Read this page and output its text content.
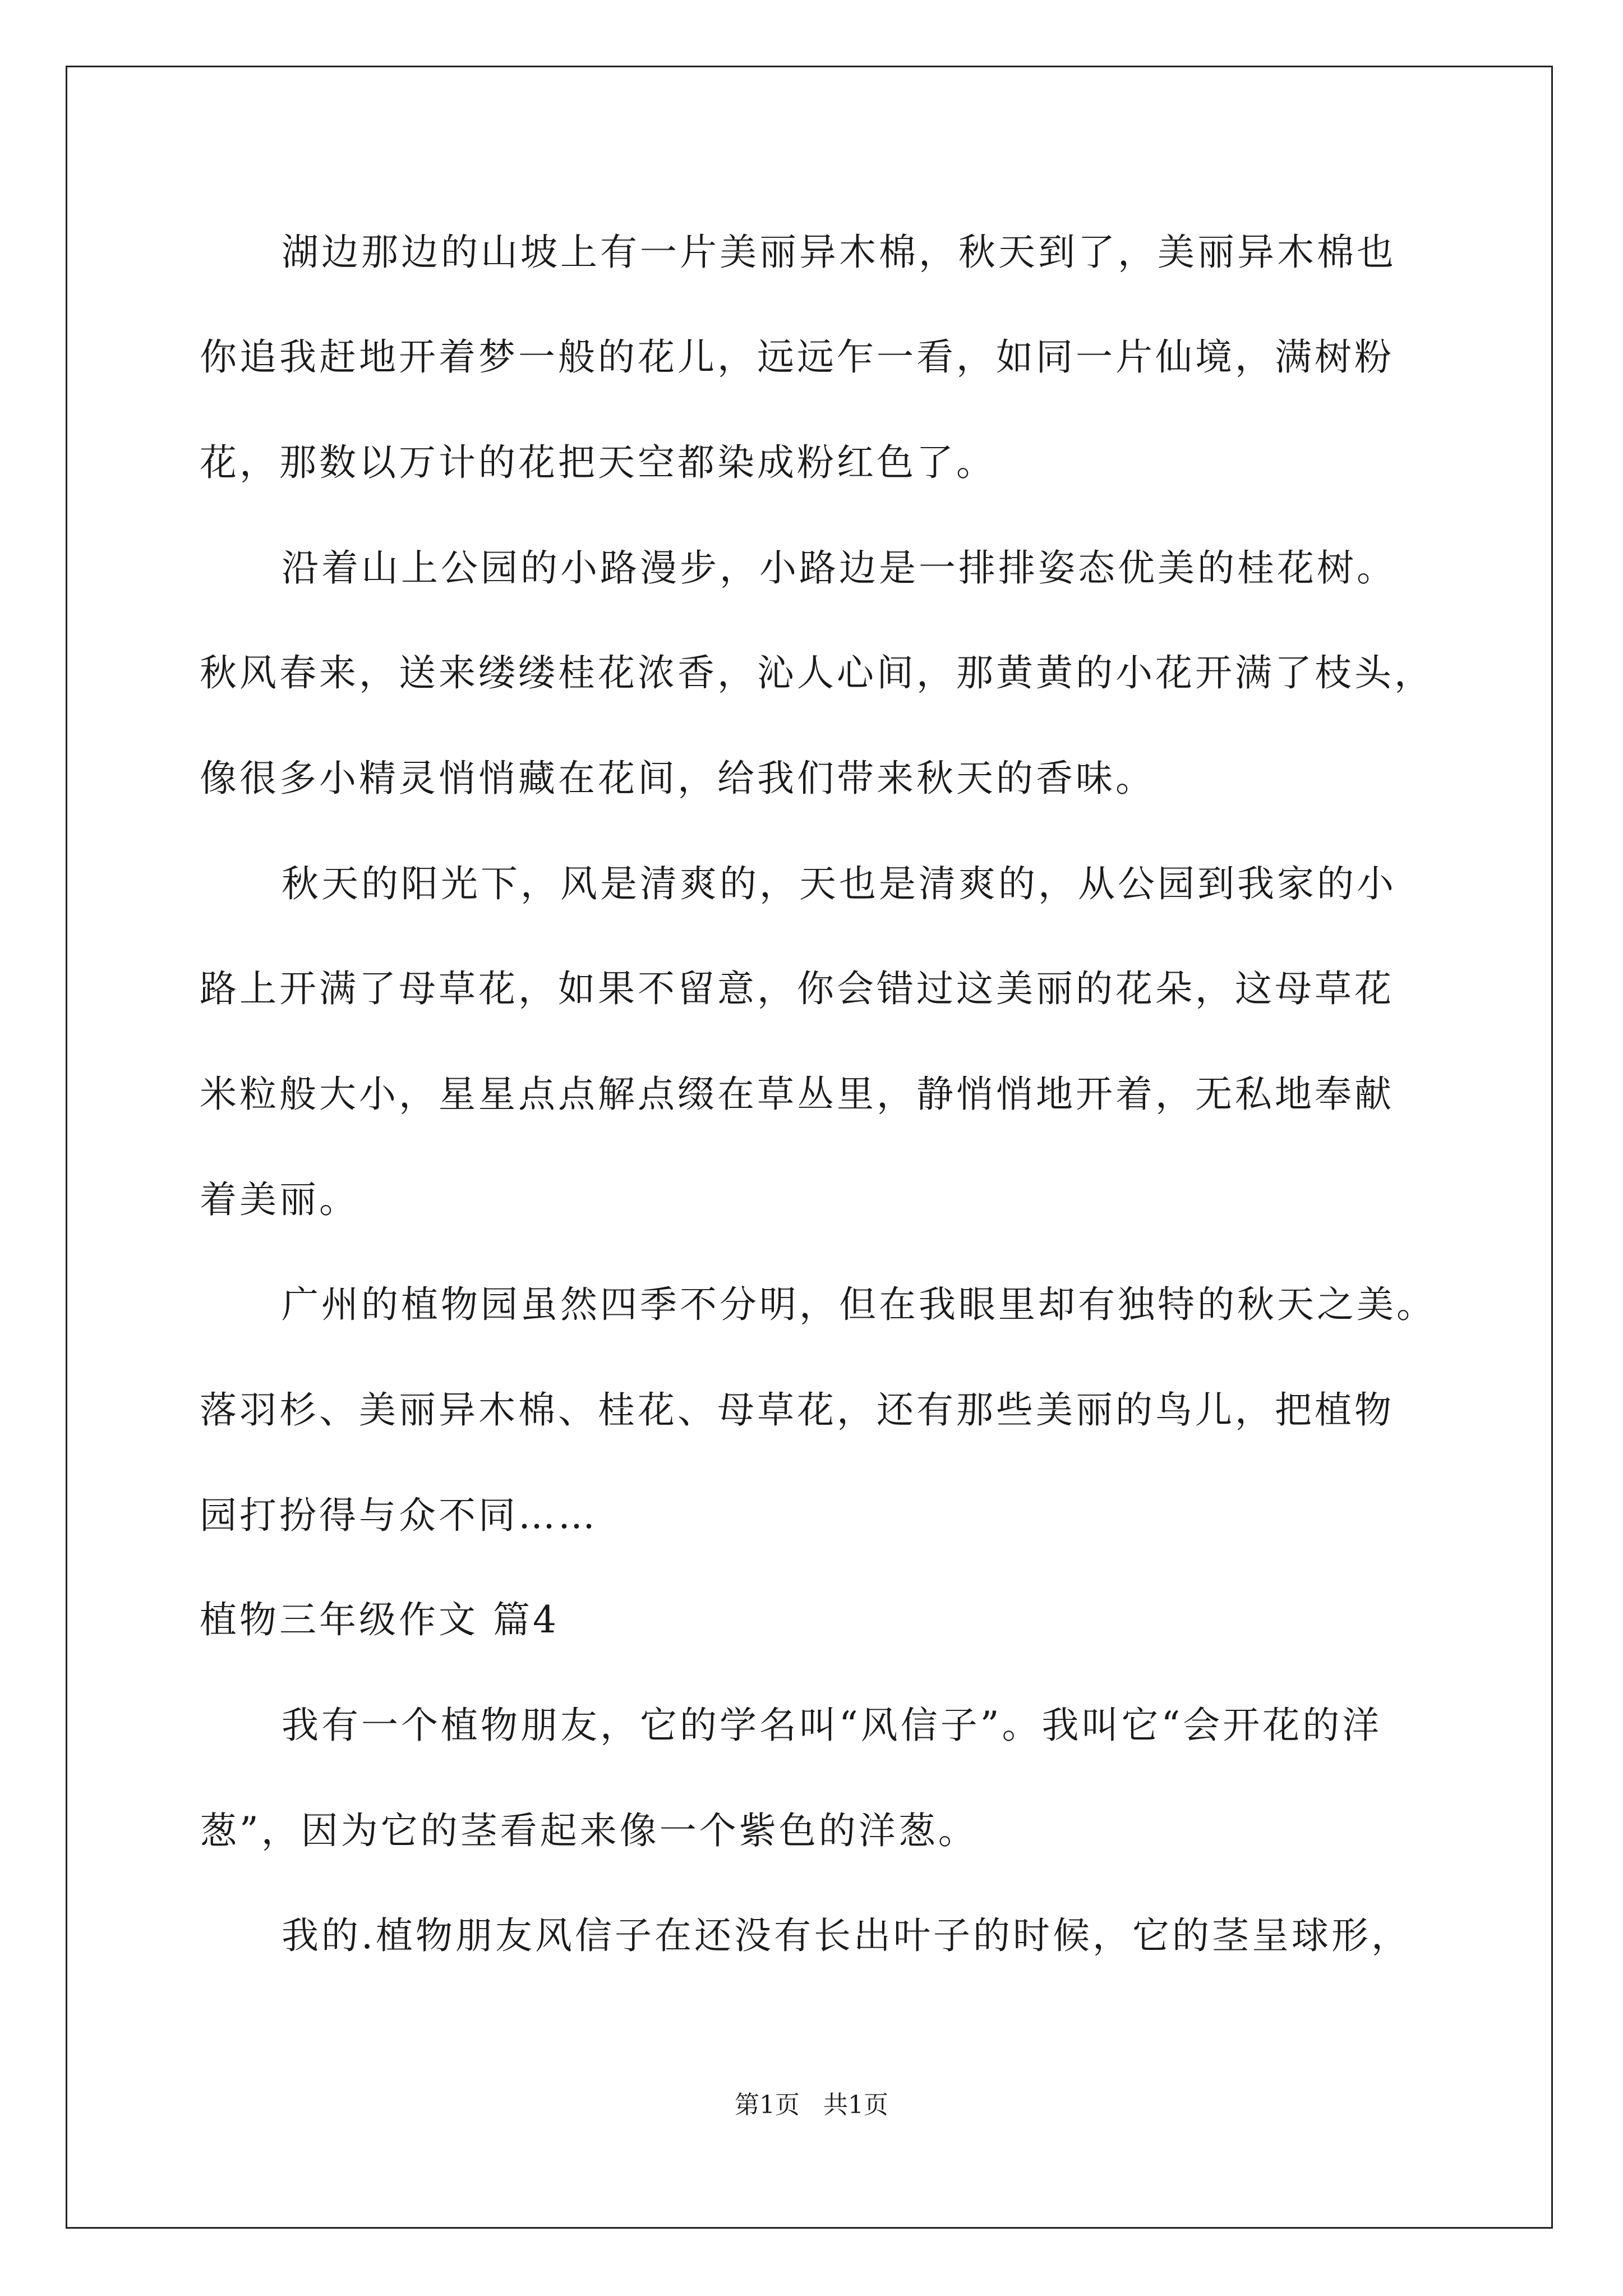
湖边那边的山坡上有一片美丽异木棉，秋天到了，美丽异木棉也
你追我赶地开着梦一般的花儿，远远乍一看，如同一片仙境，满树粉
花，那数以万计的花把天空都染成粉红色了。
沿着山上公园的小路漫步，小路边是一排排姿态优美的桂花树。
秋风春来，送来缕缕桂花浓香，沁人心间，那黄黄的小花开满了枝头，
像很多小精灵悄悄藏在花间，给我们带来秋天的香味。
秋天的阳光下，风是清爽的，天也是清爽的，从公园到我家的小
路上开满了母草花，如果不留意，你会错过这美丽的花朵，这母草花
米粒般大小，星星点点解点缀在草丛里，静悄悄地开着，无私地奉献
着美丽。
广州的植物园虽然四季不分明，但在我眼里却有独特的秋天之美。
落羽杉、美丽异木棉、桂花、母草花，还有那些美丽的鸟儿，把植物
园打扮得与众不同……
植物三年级作文 篇4
我有一个植物朋友，它的学名叫“风信子”。我叫它“会开花的洋
葱”，因为它的茎看起来像一个紫色的洋葱。
我的.植物朋友风信子在还没有长出叶子的时候，它的茎呈球形，
第1页 共1页
